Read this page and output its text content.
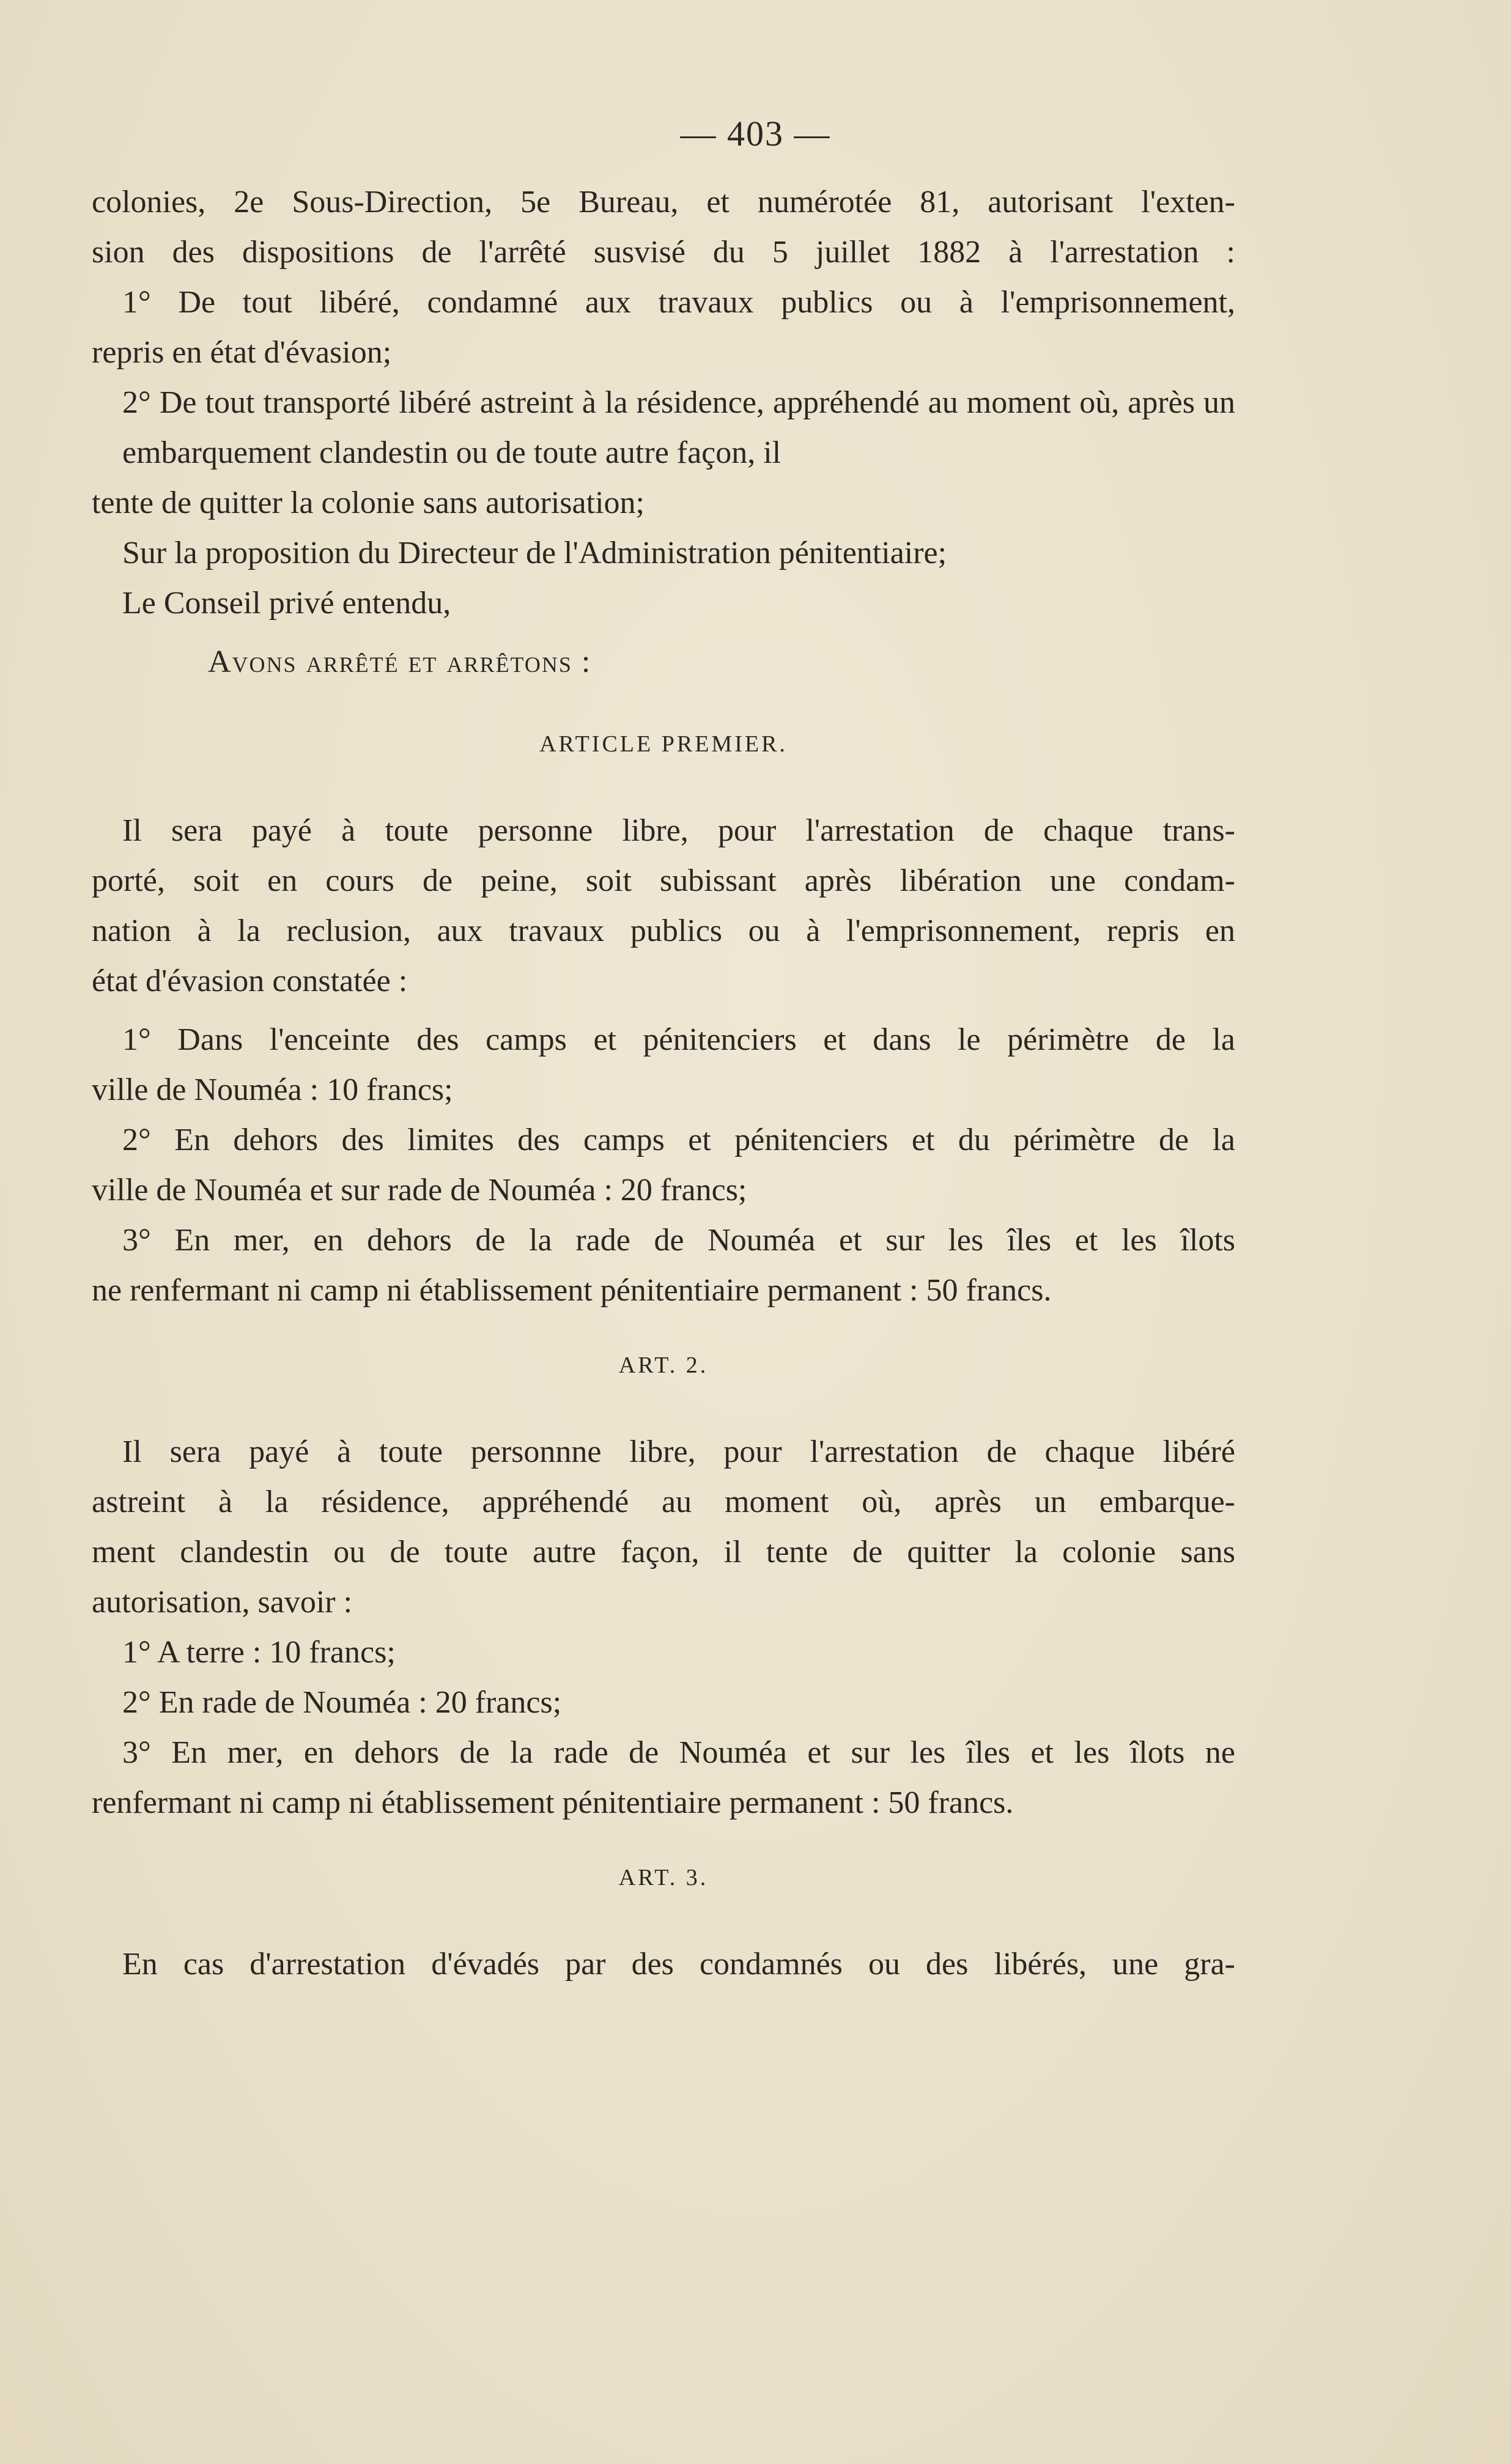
— 403 —
colonies, 2e Sous-Direction, 5e Bureau, et numérotée 81, autorisant l'exten-
sion des dispositions de l'arrêté susvisé du 5 juillet 1882 à l'arrestation :
1° De tout libéré, condamné aux travaux publics ou à l'emprisonnement,
repris en état d'évasion;
2° De tout transporté libéré astreint à la résidence, appréhendé au moment où, après un embarquement clandestin ou de toute autre façon, il
tente de quitter la colonie sans autorisation;
Sur la proposition du Directeur de l'Administration pénitentiaire;
Le Conseil privé entendu,
Avons arrêté et arrêtons :
ARTICLE PREMIER.
Il sera payé à toute personne libre, pour l'arrestation de chaque trans-
porté, soit en cours de peine, soit subissant après libération une condam-
nation à la reclusion, aux travaux publics ou à l'emprisonnement, repris en
état d'évasion constatée :
1° Dans l'enceinte des camps et pénitenciers et dans le périmètre de la
ville de Nouméa : 10 francs;
2° En dehors des limites des camps et pénitenciers et du périmètre de la
ville de Nouméa et sur rade de Nouméa : 20 francs;
3° En mer, en dehors de la rade de Nouméa et sur les îles et les îlots
ne renfermant ni camp ni établissement pénitentiaire permanent : 50 francs.
ART. 2.
Il sera payé à toute personnne libre, pour l'arrestation de chaque libéré
astreint à la résidence, appréhendé au moment où, après un embarque-
ment clandestin ou de toute autre façon, il tente de quitter la colonie sans
autorisation, savoir :
1° A terre : 10 francs;
2° En rade de Nouméa : 20 francs;
3° En mer, en dehors de la rade de Nouméa et sur les îles et les îlots ne
renfermant ni camp ni établissement pénitentiaire permanent : 50 francs.
ART. 3.
En cas d'arrestation d'évadés par des condamnés ou des libérés, une gra-
